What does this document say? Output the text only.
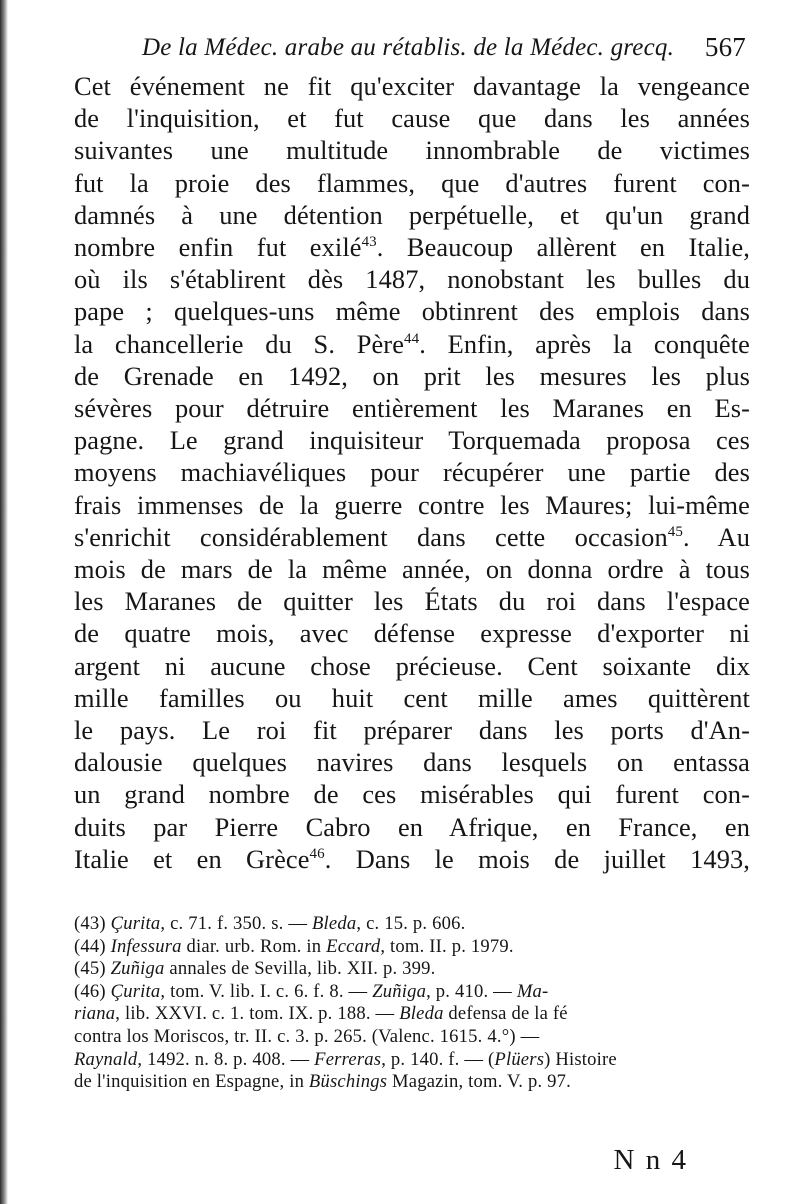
De la Médec. arabe au rétablis. de la Médec. grecq. 567
Cet événement ne fit qu'exciter davantage la vengeance
de l'inquisition, et fut cause que dans les années
suivantes une multitude innombrable de victimes
fut la proie des flammes, que d'autres furent con-
damnés à une détention perpétuelle, et qu'un grand
nombre enfin fut exilé$^{43}$. Beaucoup allèrent en Italie,
où ils s'établirent dès 1487, nonobstant les bulles du
pape ; quelques-uns même obtinrent des emplois dans
la chancellerie du S. Père$^{44}$. Enfin, après la conquête
de Grenade en 1492, on prit les mesures les plus
sévères pour détruire entièrement les Maranes en Es-
pagne. Le grand inquisiteur Torquemada proposa ces
moyens machiavéliques pour récupérer une partie des
frais immenses de la guerre contre les Maures; lui-même
s'enrichit considérablement dans cette occasion$^{45}$. Au
mois de mars de la même année, on donna ordre à tous
les Maranes de quitter les États du roi dans l'espace
de quatre mois, avec défense expresse d'exporter ni
argent ni aucune chose précieuse. Cent soixante dix
mille familles ou huit cent mille ames quittèrent
le pays. Le roi fit préparer dans les ports d'An-
dalousie quelques navires dans lesquels on entassa
un grand nombre de ces misérables qui furent con-
duits par Pierre Cabro en Afrique, en France, en
Italie et en Grèce$^{46}$. Dans le mois de juillet 1493,
(43) Çurita, c. 71. f. 350. s. — Bleda, c. 15. p. 606.
(44) Infessura diar. urb. Rom. in Eccard, tom. II. p. 1979.
(45) Zuñiga annales de Sevilla, lib. XII. p. 399.
(46) Çurita, tom. V. lib. I. c. 6. f. 8. — Zuñiga, p. 410. — Ma-
riana, lib. XXVI. c. 1. tom. IX. p. 188. — Bleda defensa de la fé
contra los Moriscos, tr. II. c. 3. p. 265. (Valenc. 1615. 4.°) —
Raynald, 1492. n. 8. p. 408. — Ferreras, p. 140. f. — (Plüers) Histoire
de l'inquisition en Espagne, in Büschings Magazin, tom. V. p. 97.
N n 4
